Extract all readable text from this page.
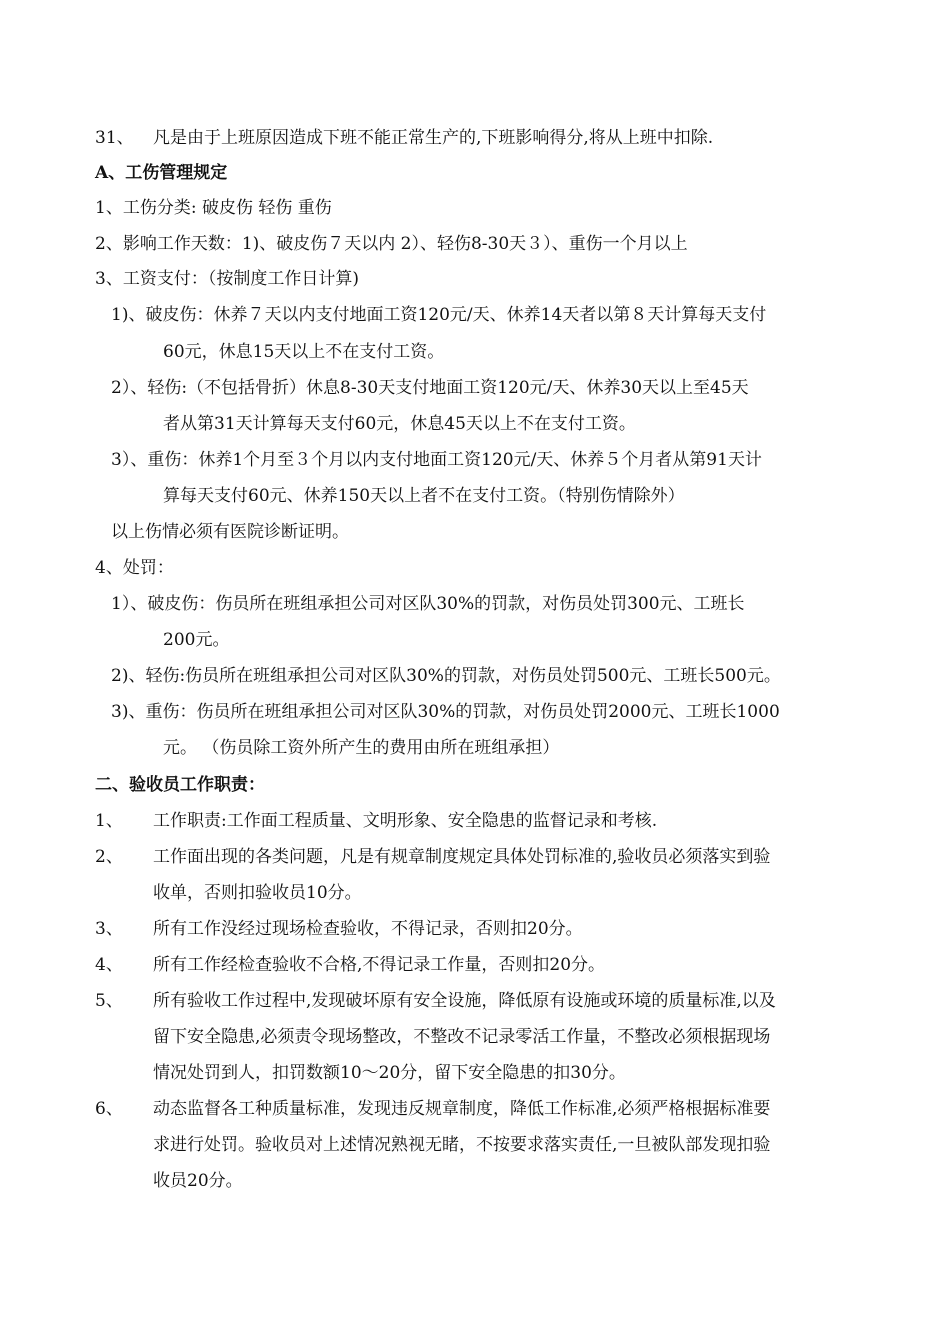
31、 凡是由于上班原因造成下班不能正常生产的,下班影响得分,将从上班中扣除.
A、工伤管理规定
1、工伤分类: 破皮伤 轻伤 重伤
2、影响工作天数：1)、破皮伤７天以内 2）、轻伤8-30天３）、重伤一个月以上
3、工资支付：（按制度工作日计算)
1)、破皮伤：休养７天以内支付地面工资120元/天、休养14天者以第８天计算每天支付
60元，休息15天以上不在支付工资。
2）、轻伤:（不包括骨折）休息8-30天支付地面工资120元/天、休养30天以上至45天
者从第31天计算每天支付60元，休息45天以上不在支付工资。
3）、重伤：休养1个月至３个月以内支付地面工资120元/天、休养５个月者从第91天计
算每天支付60元、休养150天以上者不在支付工资。（特别伤情除外）
以上伤情必须有医院诊断证明。
4、处罚：
1）、破皮伤：伤员所在班组承担公司对区队30%的罚款，对伤员处罚300元、工班长
200元。
2)、轻伤:伤员所在班组承担公司对区队30%的罚款，对伤员处罚500元、工班长500元。
3)、重伤：伤员所在班组承担公司对区队30%的罚款，对伤员处罚2000元、工班长1000
元。 （伤员除工资外所产生的费用由所在班组承担）
二、验收员工作职责：
1、 工作职责:工作面工程质量、文明形象、安全隐患的监督记录和考核.
2、 工作面出现的各类问题，凡是有规章制度规定具体处罚标准的,验收员必须落实到验
收单，否则扣验收员10分。
3、 所有工作没经过现场检查验收，不得记录，否则扣20分。
4、 所有工作经检查验收不合格,不得记录工作量，否则扣20分。
5、 所有验收工作过程中,发现破坏原有安全设施，降低原有设施或环境的质量标准,以及
留下安全隐患,必须责令现场整改，不整改不记录零活工作量，不整改必须根据现场
情况处罚到人，扣罚数额10～20分，留下安全隐患的扣30分。
6、 动态监督各工种质量标准，发现违反规章制度，降低工作标准,必须严格根据标准要
求进行处罚。验收员对上述情况熟视无睹，不按要求落实责任,一旦被队部发现扣验
收员20分。
